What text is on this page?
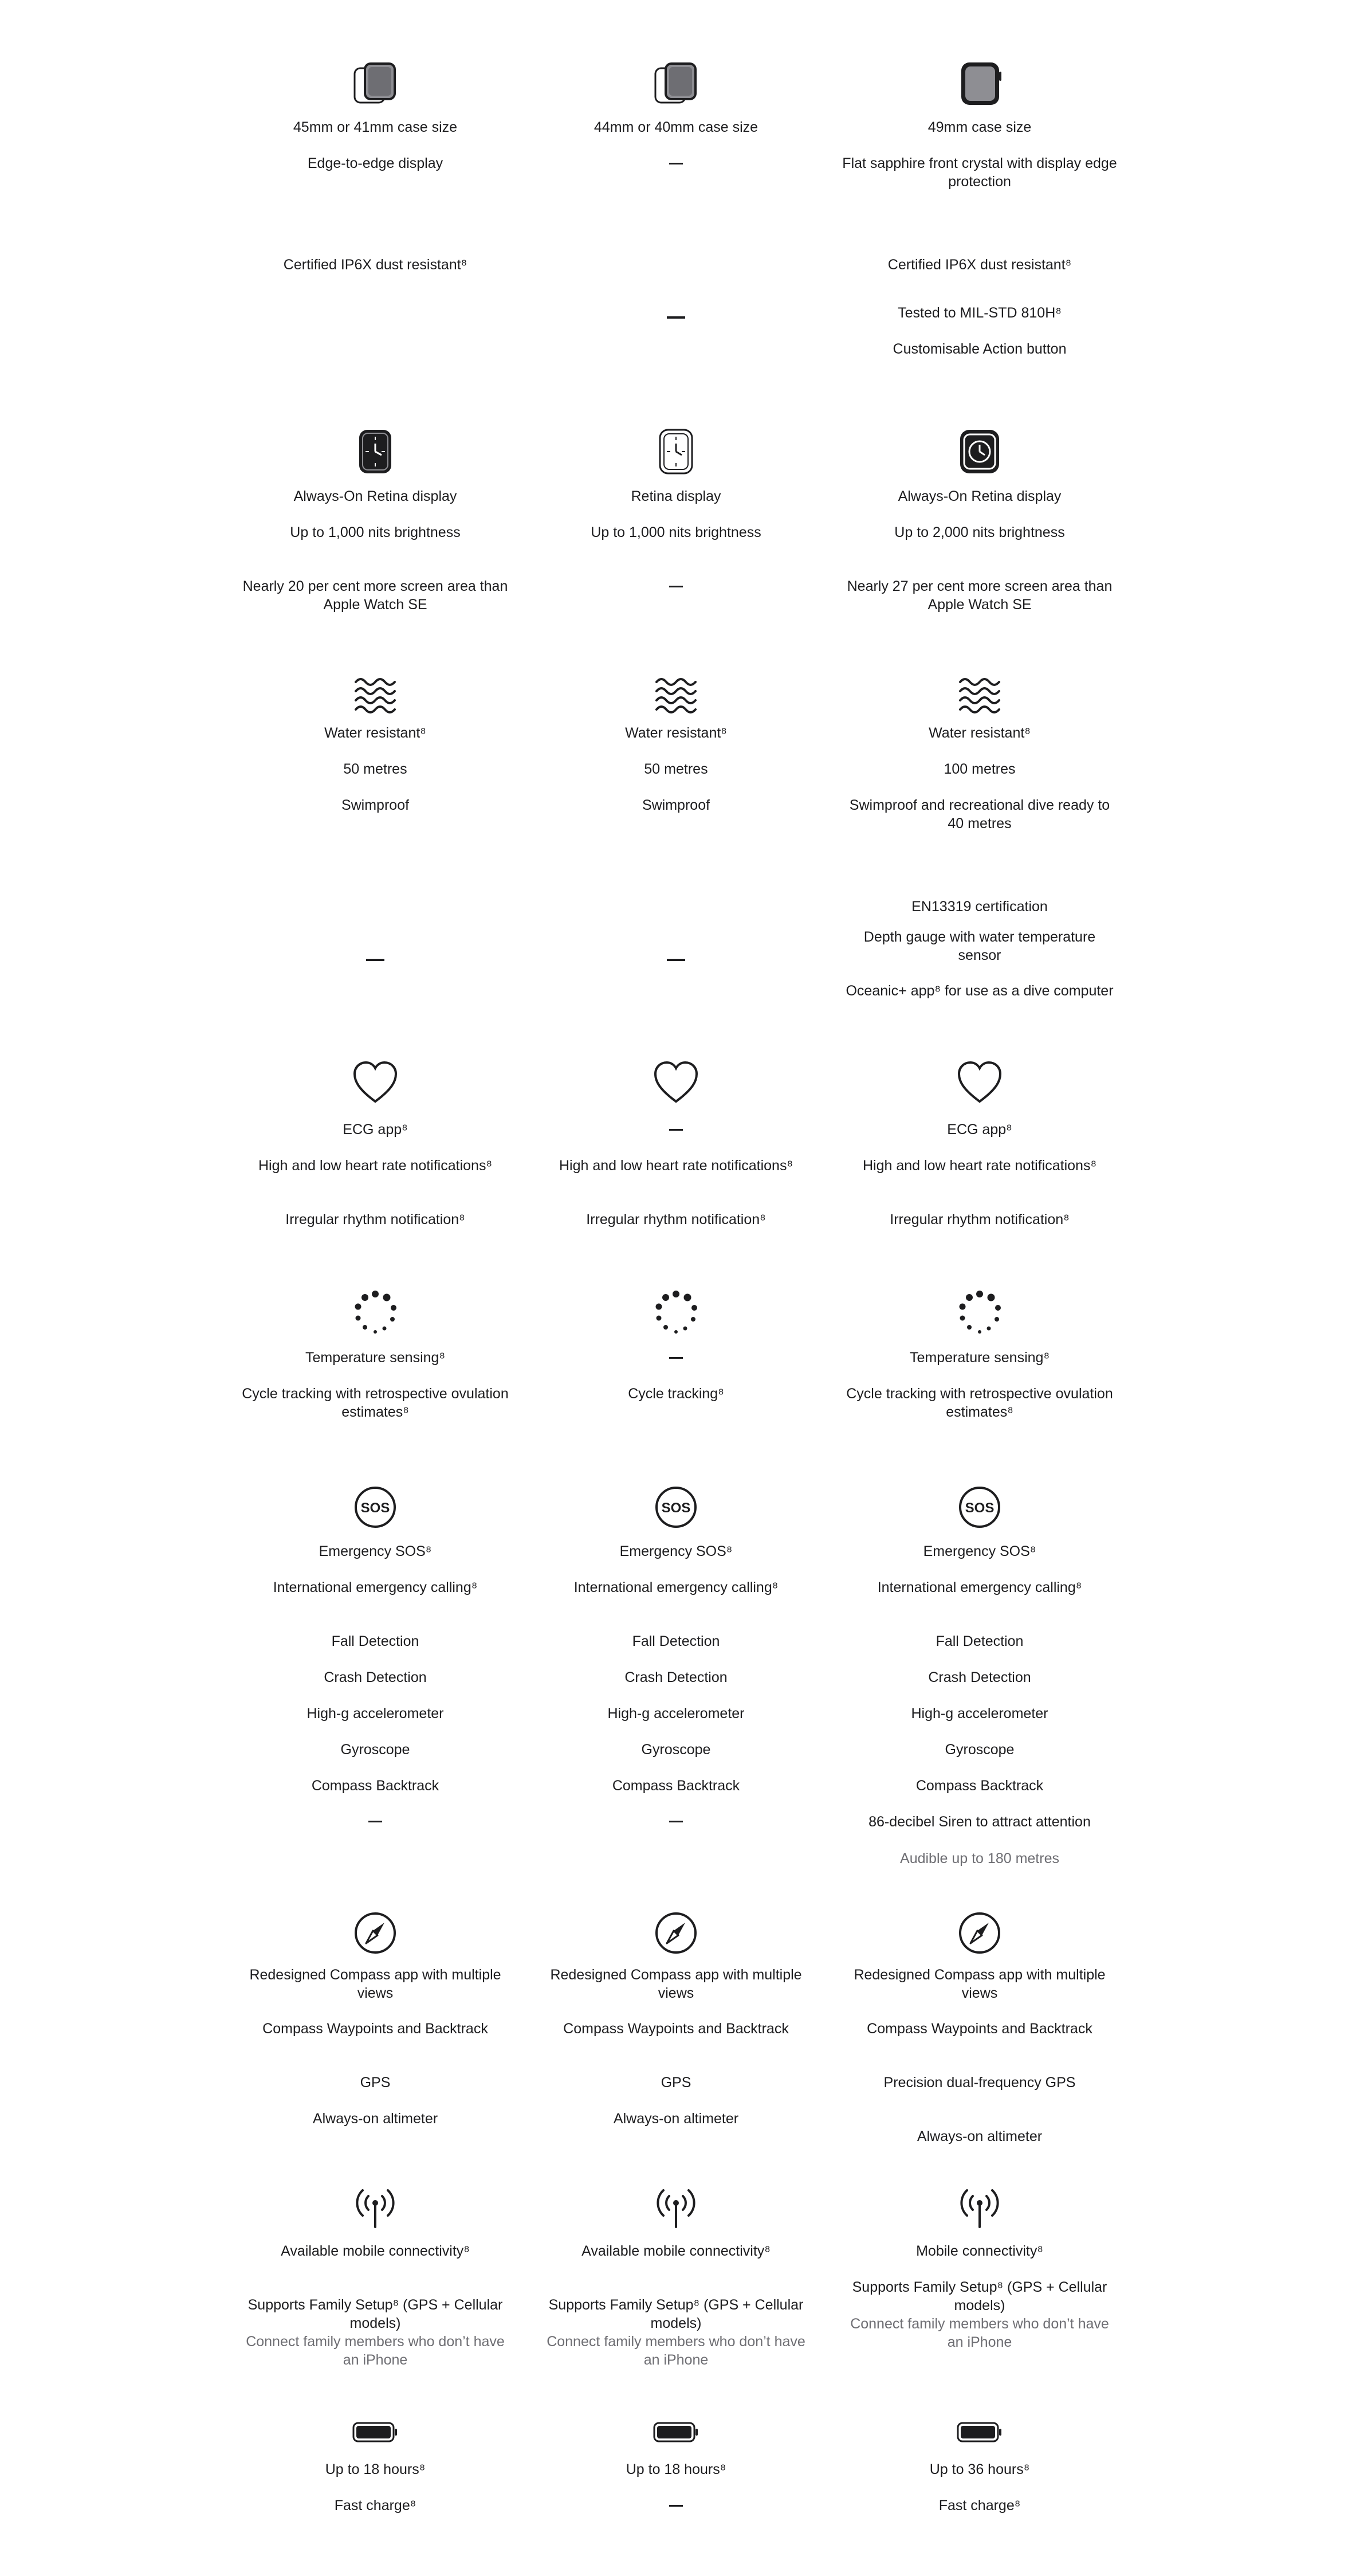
45mm or 41mm case size
Edge-to-edge display
Certified IP6X dust resistant⁸
Always-On Retina display
Up to 1,000 nits brightness
Nearly 20 per cent more screen area than Apple Watch SE
Water resistant⁸
50 metres
Swimproof
ECG app⁸
High and low heart rate notifications⁸
Irregular rhythm notification⁸
Temperature sensing⁸
Cycle tracking with retrospective ovulation estimates⁸
SOS
Emergency SOS⁸
International emergency calling⁸
Fall Detection
Crash Detection
High-g accelerometer
Gyroscope
Compass Backtrack
Redesigned Compass app with multiple views
Compass Waypoints and Backtrack
GPS
Always-on altimeter
Available mobile connectivity⁸
Supports Family Setup⁸ (GPS + Cellular models)
Connect family members who don’t have an iPhone
Up to 18 hours⁸
Fast charge⁸
44mm or 40mm case size
Retina display
Up to 1,000 nits brightness
Water resistant⁸
50 metres
Swimproof
High and low heart rate notifications⁸
Irregular rhythm notification⁸
Cycle tracking⁸
SOS
Emergency SOS⁸
International emergency calling⁸
Fall Detection
Crash Detection
High-g accelerometer
Gyroscope
Compass Backtrack
Redesigned Compass app with multiple views
Compass Waypoints and Backtrack
GPS
Always-on altimeter
Available mobile connectivity⁸
Supports Family Setup⁸ (GPS + Cellular models)
Connect family members who don’t have an iPhone
Up to 18 hours⁸
49mm case size
Flat sapphire front crystal with display edge protection
Certified IP6X dust resistant⁸
Tested to MIL-STD 810H⁸
Customisable Action button
Always-On Retina display
Up to 2,000 nits brightness
Nearly 27 per cent more screen area than Apple Watch SE
Water resistant⁸
100 metres
Swimproof and recreational dive ready to 40 metres
EN13319 certification
Depth gauge with water temperature sensor
Oceanic+ app⁸ for use as a dive computer
ECG app⁸
High and low heart rate notifications⁸
Irregular rhythm notification⁸
Temperature sensing⁸
Cycle tracking with retrospective ovulation estimates⁸
SOS
Emergency SOS⁸
International emergency calling⁸
Fall Detection
Crash Detection
High-g accelerometer
Gyroscope
Compass Backtrack
86-decibel Siren to attract attention
Audible up to 180 metres
Redesigned Compass app with multiple views
Compass Waypoints and Backtrack
Precision dual-frequency GPS
Always-on altimeter
Mobile connectivity⁸
Supports Family Setup⁸ (GPS + Cellular models)
Connect family members who don’t have an iPhone
Up to 36 hours⁸
Fast charge⁸
